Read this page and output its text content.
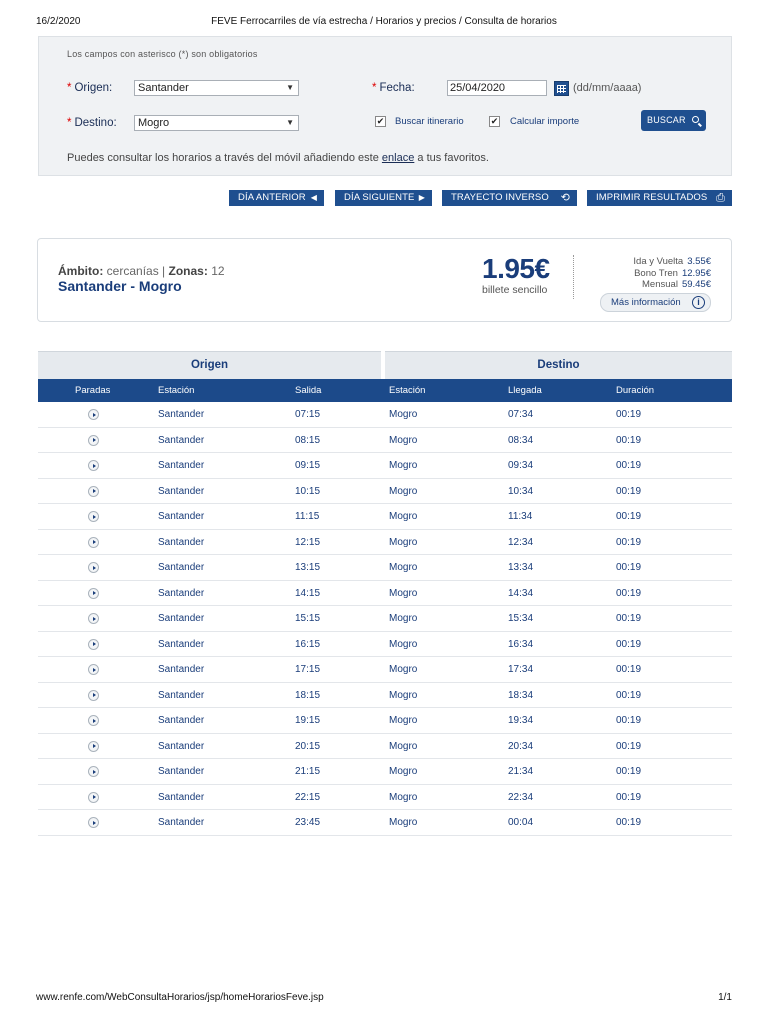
16/2/2020	FEVE Ferrocarriles de vía estrecha / Horarios y precios / Consulta de horarios
Los campos con asterisco (*) son obligatorios
* Origen:	Santander	▼
* Destino:	Mogro	▼
* Fecha:	25/04/2020	(dd/mm/aaaa)
✔ Buscar itinerario	✔ Calcular importe	BUSCAR
Puedes consultar los horarios a través del móvil añadiendo este enlace a tus favoritos.
DÍA ANTERIOR ◀	DÍA SIGUIENTE ▶	TRAYECTO INVERSO ⟲	IMPRIMIR RESULTADOS ⎙
Ámbito: cercanías | Zonas: 12
Santander - Mogro
1.95€
billete sencillo
Ida y Vuelta 3.55€
Bono Tren 12.95€
Mensual 59.45€
Más información	i
Origen	Destino
Paradas	Estación	Salida	Estación	Llegada	Duración
Santander	07:15	Mogro	07:34	00:19
Santander	08:15	Mogro	08:34	00:19
Santander	09:15	Mogro	09:34	00:19
Santander	10:15	Mogro	10:34	00:19
Santander	11:15	Mogro	11:34	00:19
Santander	12:15	Mogro	12:34	00:19
Santander	13:15	Mogro	13:34	00:19
Santander	14:15	Mogro	14:34	00:19
Santander	15:15	Mogro	15:34	00:19
Santander	16:15	Mogro	16:34	00:19
Santander	17:15	Mogro	17:34	00:19
Santander	18:15	Mogro	18:34	00:19
Santander	19:15	Mogro	19:34	00:19
Santander	20:15	Mogro	20:34	00:19
Santander	21:15	Mogro	21:34	00:19
Santander	22:15	Mogro	22:34	00:19
Santander	23:45	Mogro	00:04	00:19
www.renfe.com/WebConsultaHorarios/jsp/homeHorariosFeve.jsp	1/1
